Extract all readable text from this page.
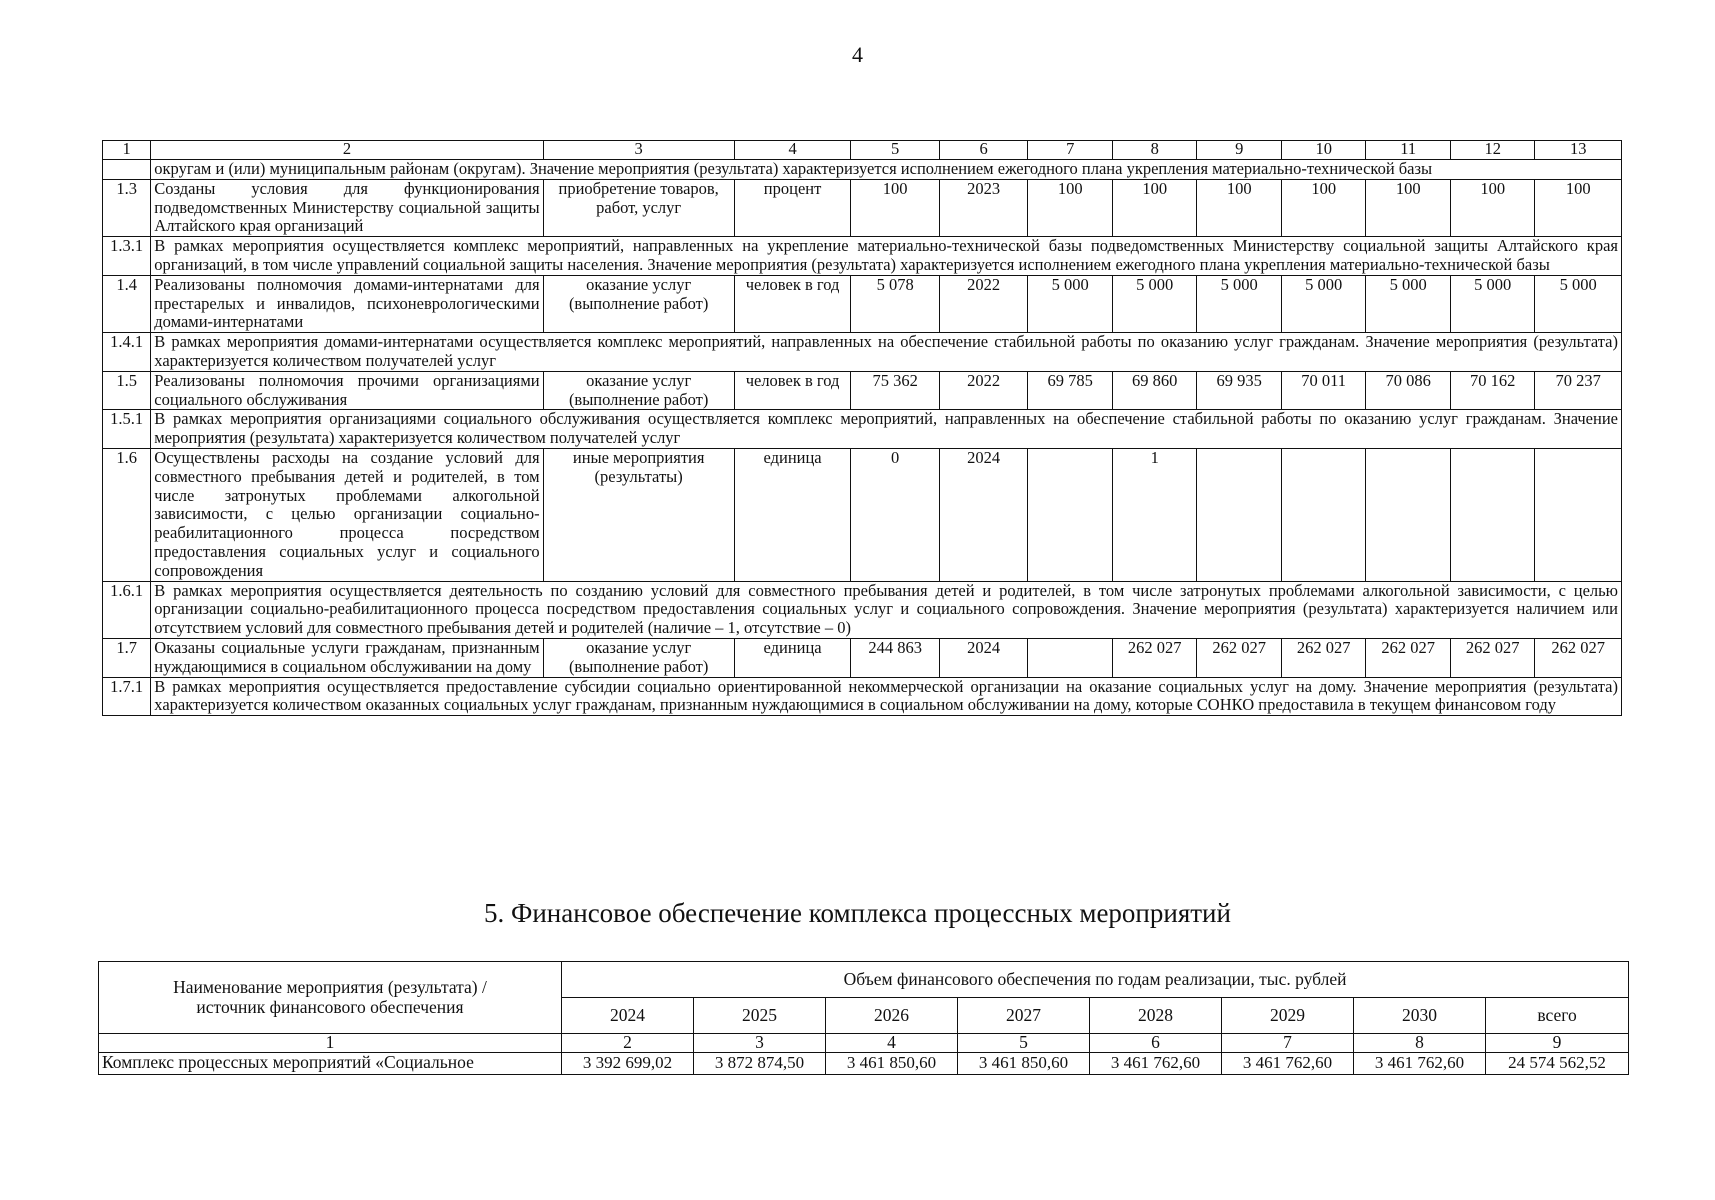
4
1	2	3	4	5	6	7	8	9	10	11	12	13
	округам и (или) муниципальным районам (округам). Значение мероприятия (результата) характеризуется исполнением ежегодного плана укрепления материально-технической базы											
1.3	Созданы условия для функционирования подведомственных Министерству социальной защиты Алтайского края организаций	приобретение товаров, работ, услуг	процент	100	2023	100	100	100	100	100	100	100
1.3.1	В рамках мероприятия осуществляется комплекс мероприятий, направленных на укрепление материально-технической базы подведомственных Министерству социальной защиты Алтайского края организаций, в том числе управлений социальной защиты населения. Значение мероприятия (результата) характеризуется исполнением ежегодного плана укрепления материально-технической базы											
1.4	Реализованы полномочия домами-интернатами для престарелых и инвалидов, психоневрологическими домами-интернатами	оказание услуг (выполнение работ)	человек в год	5 078	2022	5 000	5 000	5 000	5 000	5 000	5 000	5 000
1.4.1	В рамках мероприятия домами-интернатами осуществляется комплекс мероприятий, направленных на обеспечение стабильной работы по оказанию услуг гражданам. Значение мероприятия (результата) характеризуется количеством получателей услуг											
1.5	Реализованы полномочия прочими организациями социального обслуживания	оказание услуг (выполнение работ)	человек в год	75 362	2022	69 785	69 860	69 935	70 011	70 086	70 162	70 237
1.5.1	В рамках мероприятия организациями социального обслуживания осуществляется комплекс мероприятий, направленных на обеспечение стабильной работы по оказанию услуг гражданам. Значение мероприятия (результата) характеризуется количеством получателей услуг											
1.6	Осуществлены расходы на создание условий для совместного пребывания детей и родителей, в том числе затронутых проблемами алкогольной зависимости, с целью организации социально-реабилитационного процесса посредством предоставления социальных услуг и социального сопровождения	иные мероприятия (результаты)	единица	0	2024		1					
1.6.1	В рамках мероприятия осуществляется деятельность по созданию условий для совместного пребывания детей и родителей, в том числе затронутых проблемами алкогольной зависимости, с целью организации социально-реабилитационного процесса посредством предоставления социальных услуг и социального сопровождения. Значение мероприятия (результата) характеризуется наличием или отсутствием условий для совместного пребывания детей и родителей (наличие – 1, отсутствие – 0)											
1.7	Оказаны социальные услуги гражданам, признанным нуждающимися в социальном обслуживании на дому	оказание услуг (выполнение работ)	единица	244 863	2024		262 027	262 027	262 027	262 027	262 027	262 027
1.7.1	В рамках мероприятия осуществляется предоставление субсидии социально ориентированной некоммерческой организации на оказание социальных услуг на дому. Значение мероприятия (результата) характеризуется количеством оказанных социальных услуг гражданам, признанным нуждающимися в социальном обслуживании на дому, которые СОНКО предоставила в текущем финансовом году											
5. Финансовое обеспечение комплекса процессных мероприятий
Наименование мероприятия (результата) / источник финансового обеспечения	Объем финансового обеспечения по годам реализации, тыс. рублей							
	2024	2025	2026	2027	2028	2029	2030	всего
1	2	3	4	5	6	7	8	9
Комплекс процессных мероприятий «Социальное	3 392 699,02	3 872 874,50	3 461 850,60	3 461 850,60	3 461 762,60	3 461 762,60	3 461 762,60	24 574 562,52
